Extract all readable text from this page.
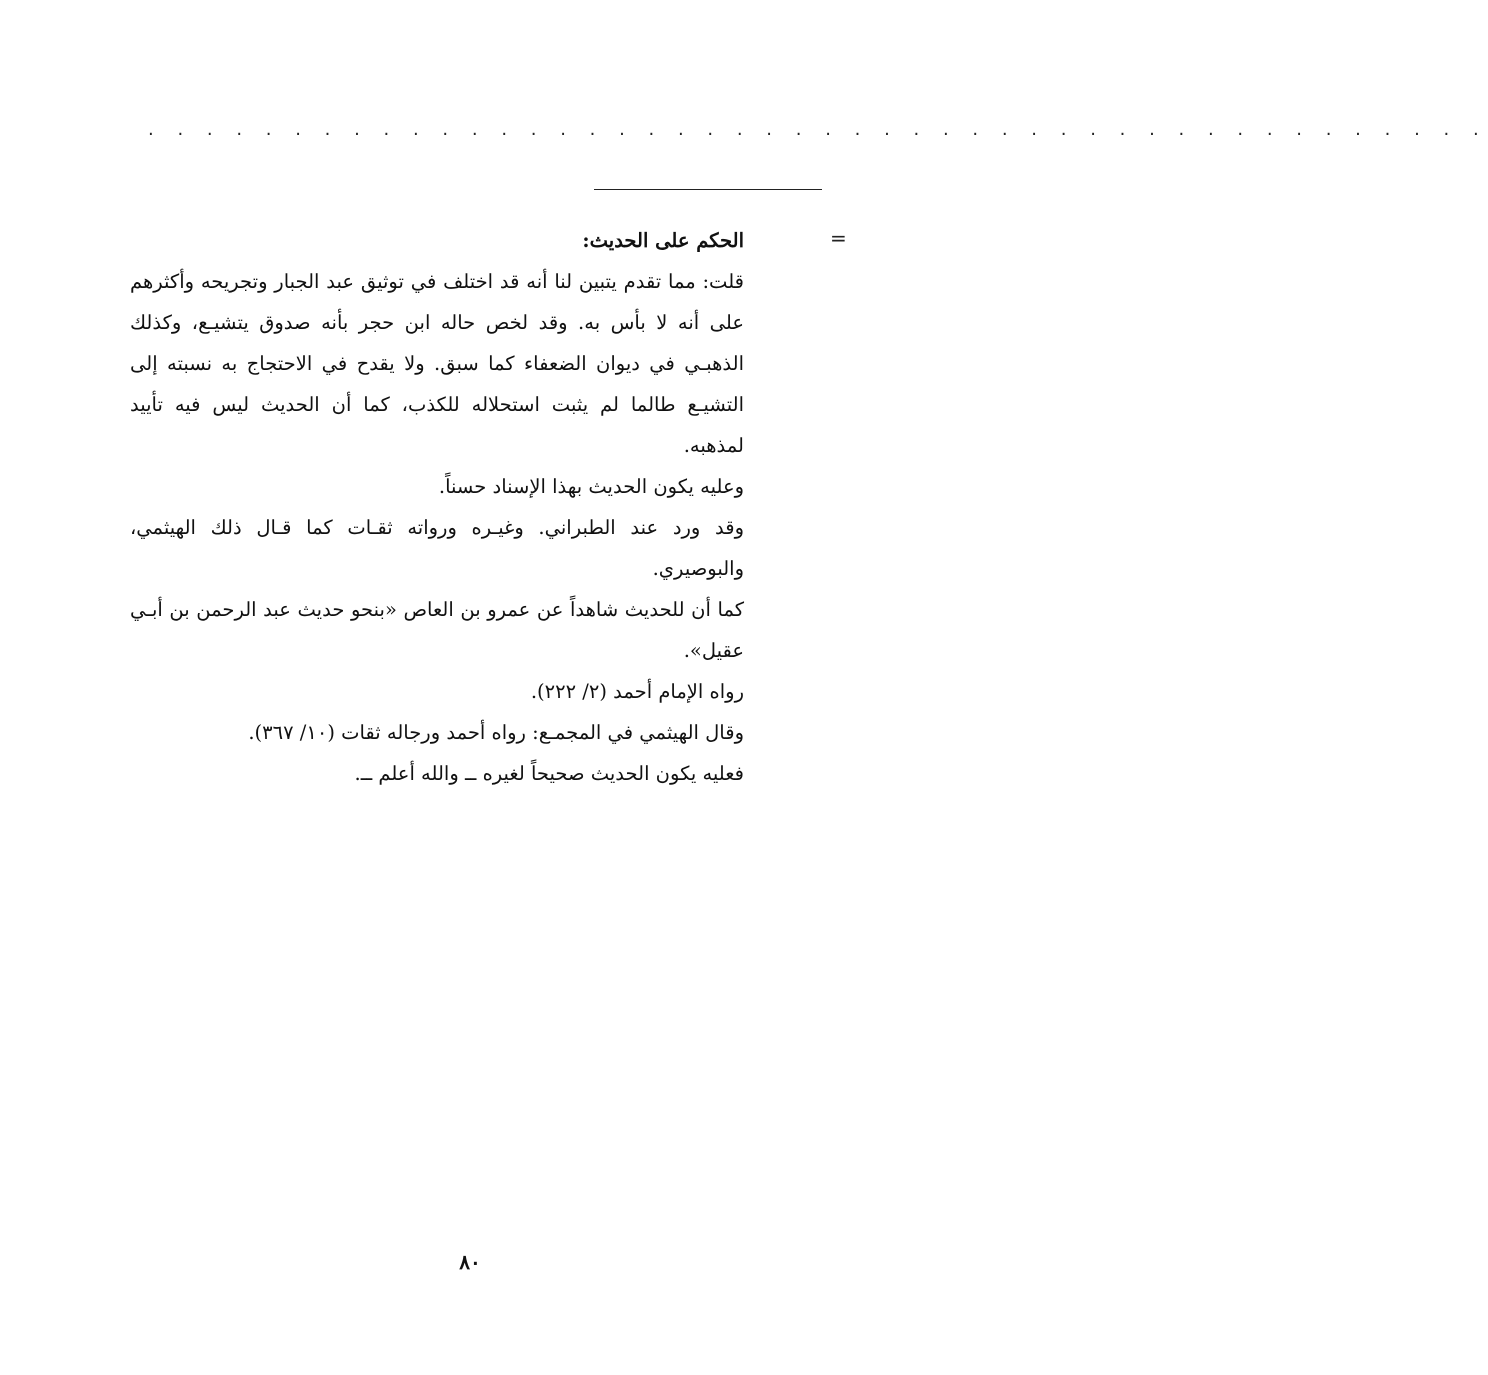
. . . . . . . . . . . . . . . . . . . . . . . . . . . . . . . . . . . . . . . . . . . . . .
=

الحكم على الحديث:

قلت: مما تقدم يتبين لنا أنه قد اختلف في توثيق عبد الجبار وتجريحه وأكثرهم على أنه لا بأس به. وقد لخص حاله ابن حجر بأنه صدوق يتشيـع، وكذلك الذهبـي في ديوان الضعفاء كما سبق. ولا يقدح في الاحتجاج به نسبته إلى التشيـع طالما لم يثبت استحلاله للكذب، كما أن الحديث ليس فيه تأييد لمذهبه.

وعليه يكون الحديث بهذا الإسناد حسناً.

وقد ورد عند الطبراني. وغيـره ورواته ثقـات كما قـال ذلك الهيثمي، والبوصيري.

كما أن للحديث شاهداً عن عمرو بن العاص «بنحو حديث عبد الرحمن بن أبـي عقيل».

رواه الإمام أحمد (٢/ ٢٢٢).

وقال الهيثمي في المجمـع: رواه أحمد ورجاله ثقات (١٠/ ٣٦٧).

فعليه يكون الحديث صحيحاً لغيره ــ والله أعلم ــ.

٨٠
